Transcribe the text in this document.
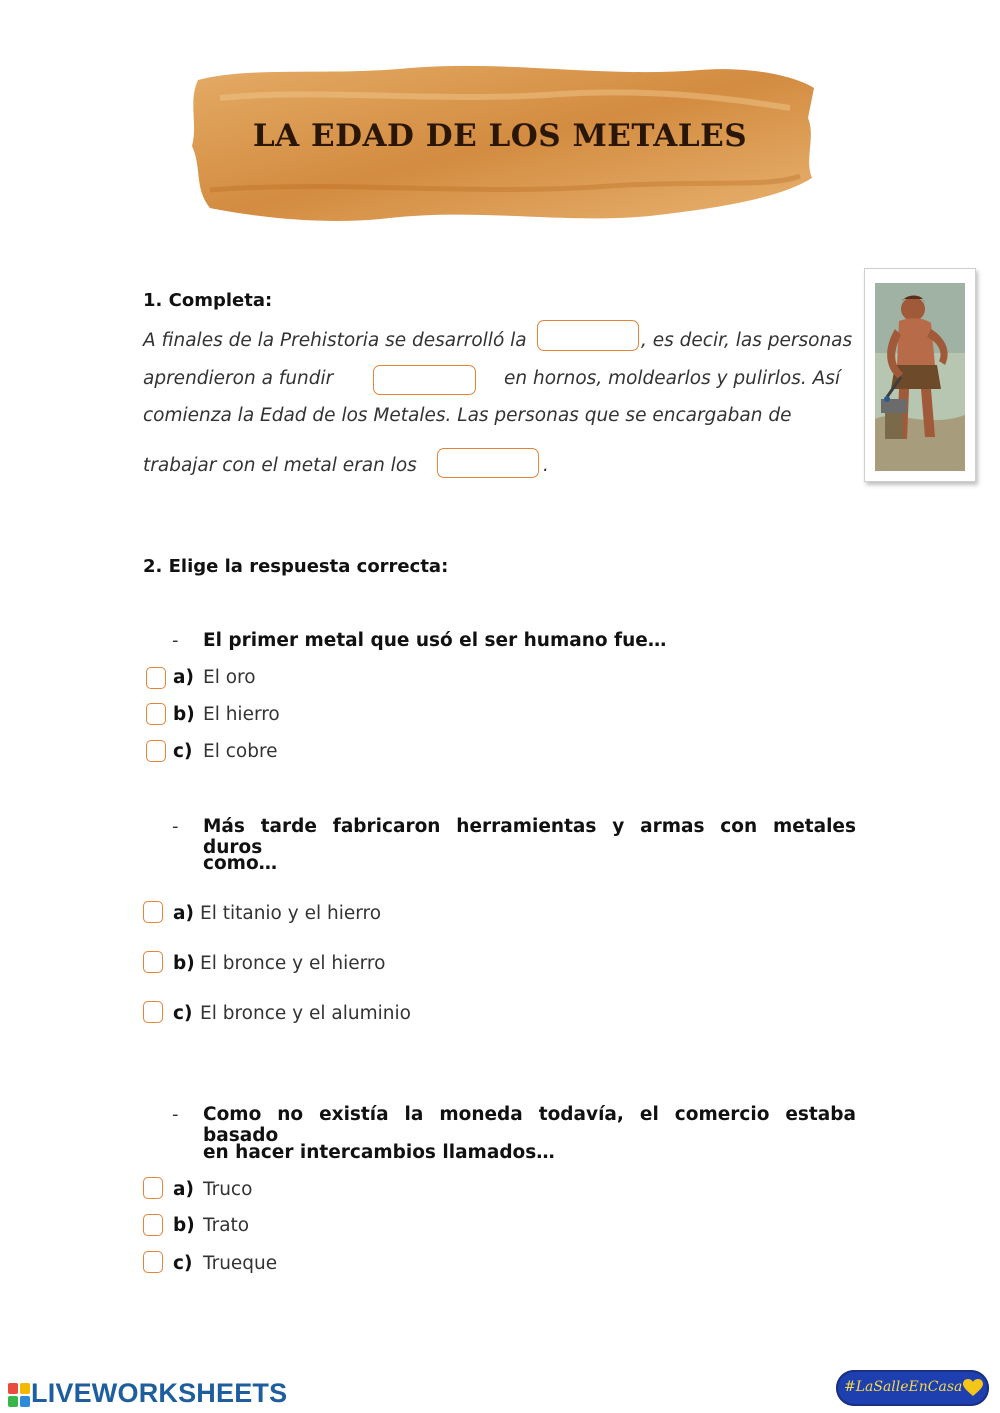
LA EDAD DE LOS METALES
1. Completa:
A finales de la Prehistoria se desarrolló la	, es decir, las personas
aprendieron a fundir	en hornos, moldearlos y pulirlos. Así
comienza la Edad de los Metales. Las personas que se encargaban de
trabajar con el metal eran los	.
2. Elige la respuesta correcta:
- El primer metal que usó el ser humano fue…
a) El oro
b) El hierro
c) El cobre
- Más tarde fabricaron herramientas y armas con metales duros
como…
a) El titanio y el hierro
b) El bronce y el hierro
c) El bronce y el aluminio
- Como no existía la moneda todavía, el comercio estaba basado
en hacer intercambios llamados…
a) Truco
b) Trato
c) Trueque
LIVEWORKSHEETS	#LaSalleEnCasa
